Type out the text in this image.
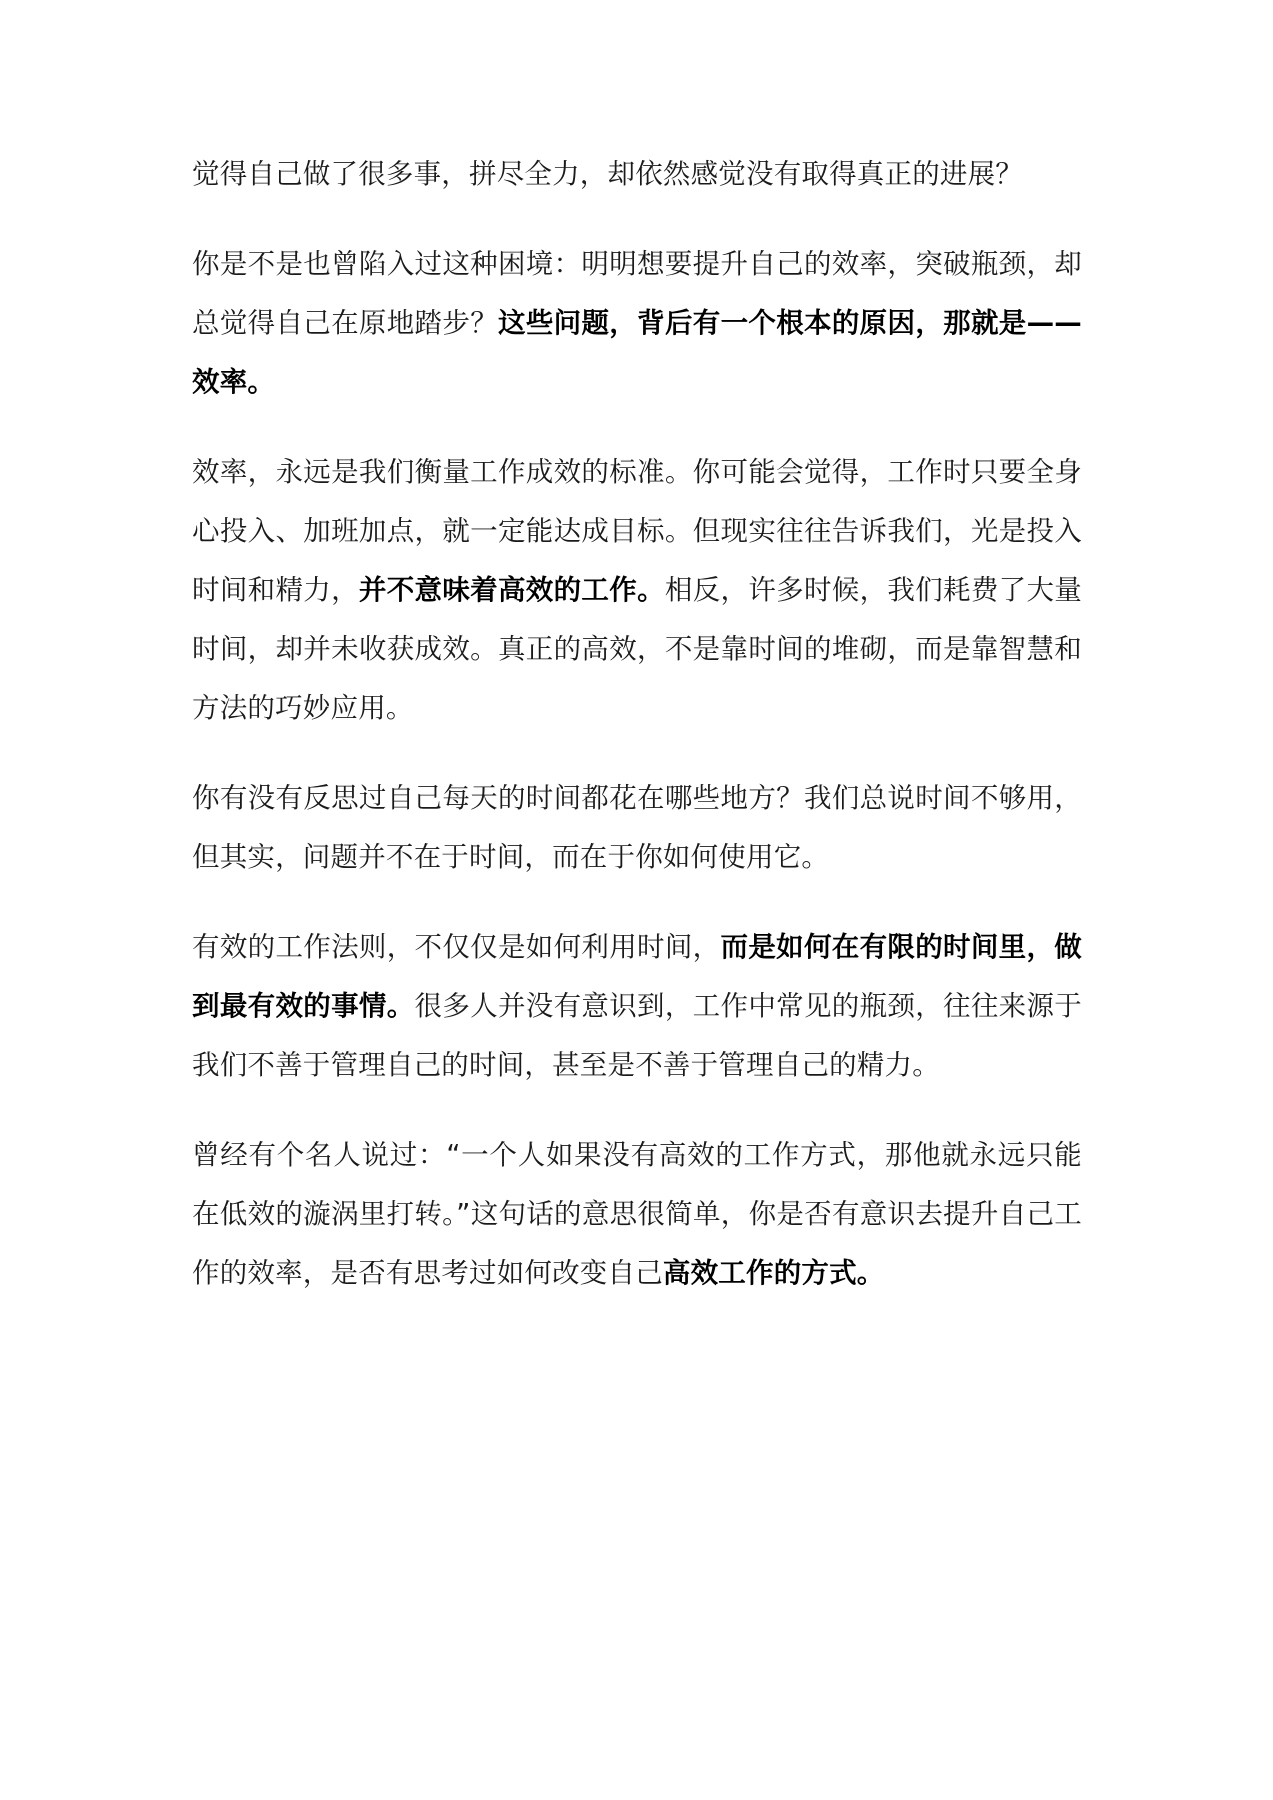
觉得自己做了很多事，拼尽全力，却依然感觉没有取得真正的进展？

你是不是也曾陷入过这种困境：明明想要提升自己的效率，突破瓶颈，却总觉得自己在原地踏步？这些问题，背后有一个根本的原因，那就是——效率。

效率，永远是我们衡量工作成效的标准。你可能会觉得，工作时只要全身心投入、加班加点，就一定能达成目标。但现实往往告诉我们，光是投入时间和精力，并不意味着高效的工作。相反，许多时候，我们耗费了大量时间，却并未收获成效。真正的高效，不是靠时间的堆砌，而是靠智慧和方法的巧妙应用。

你有没有反思过自己每天的时间都花在哪些地方？我们总说时间不够用，但其实，问题并不在于时间，而在于你如何使用它。

有效的工作法则，不仅仅是如何利用时间，而是如何在有限的时间里，做到最有效的事情。很多人并没有意识到，工作中常见的瓶颈，往往来源于我们不善于管理自己的时间，甚至是不善于管理自己的精力。

曾经有个名人说过：“一个人如果没有高效的工作方式，那他就永远只能在低效的漩涡里打转。”这句话的意思很简单，你是否有意识去提升自己工作的效率，是否有思考过如何改变自己高效工作的方式。
